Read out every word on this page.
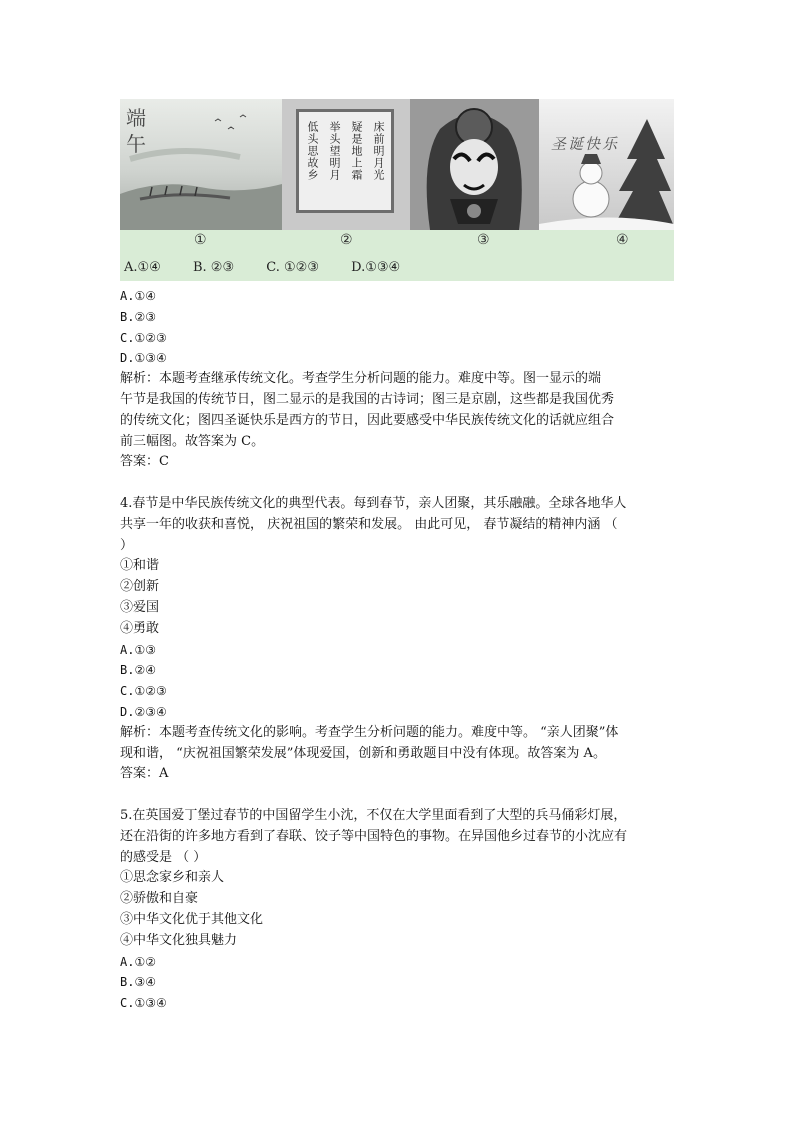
端
午	床前明月光
疑是地上霜
举头望明月
低头思故乡	圣诞快乐
①	②	③	④
A.①④ B. ②③ C. ①②③ D.①③④
A.①④
B.②③
C.①②③
D.①③④
解析：本题考查继承传统文化。考查学生分析问题的能力。难度中等。图一显示的端
午节是我国的传统节日，图二显示的是我国的古诗词；图三是京剧，这些都是我国优秀
的传统文化；图四圣诞快乐是西方的节日，因此要感受中华民族传统文化的话就应组合
前三幅图。故答案为 C。
答案：C
4.春节是中华民族传统文化的典型代表。每到春节，亲人团聚，其乐融融。全球各地华人
共享一年的收获和喜悦， 庆祝祖国的繁荣和发展。 由此可见， 春节凝结的精神内涵 （
）
①和谐
②创新
③爱国
④勇敢
A.①③
B.②④
C.①②③
D.②③④
解析：本题考查传统文化的影响。考查学生分析问题的能力。难度中等。 “亲人团聚”体
现和谐， “庆祝祖国繁荣发展”体现爱国，创新和勇敢题目中没有体现。故答案为 A。
答案：A
5.在英国爱丁堡过春节的中国留学生小沈，不仅在大学里面看到了大型的兵马俑彩灯展，
还在沿街的许多地方看到了春联、饺子等中国特色的事物。在异国他乡过春节的小沈应有
的感受是 （ ）
①思念家乡和亲人
②骄傲和自豪
③中华文化优于其他文化
④中华文化独具魅力
A.①②
B.③④
C.①③④
